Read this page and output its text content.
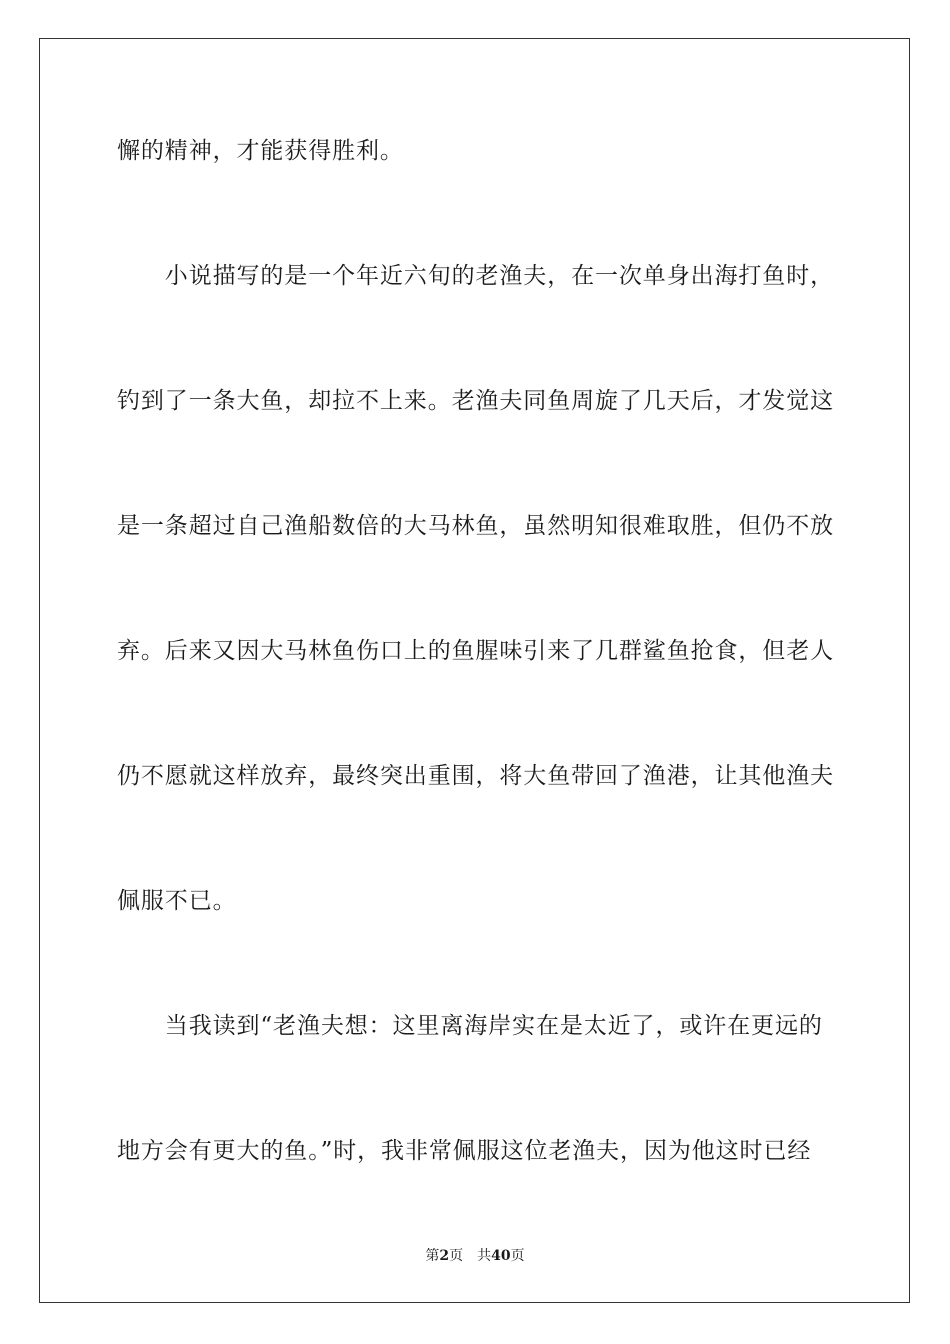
懈的精神，才能获得胜利。
　　小说描写的是一个年近六旬的老渔夫，在一次单身出海打鱼时，
钓到了一条大鱼，却拉不上来。老渔夫同鱼周旋了几天后，才发觉这
是一条超过自己渔船数倍的大马林鱼，虽然明知很难取胜，但仍不放
弃。后来又因大马林鱼伤口上的鱼腥味引来了几群鲨鱼抢食，但老人
仍不愿就这样放弃，最终突出重围，将大鱼带回了渔港，让其他渔夫
佩服不已。
　　当我读到“老渔夫想：这里离海岸实在是太近了，或许在更远的
地方会有更大的鱼。”时，我非常佩服这位老渔夫，因为他这时已经
第2页 共40页
